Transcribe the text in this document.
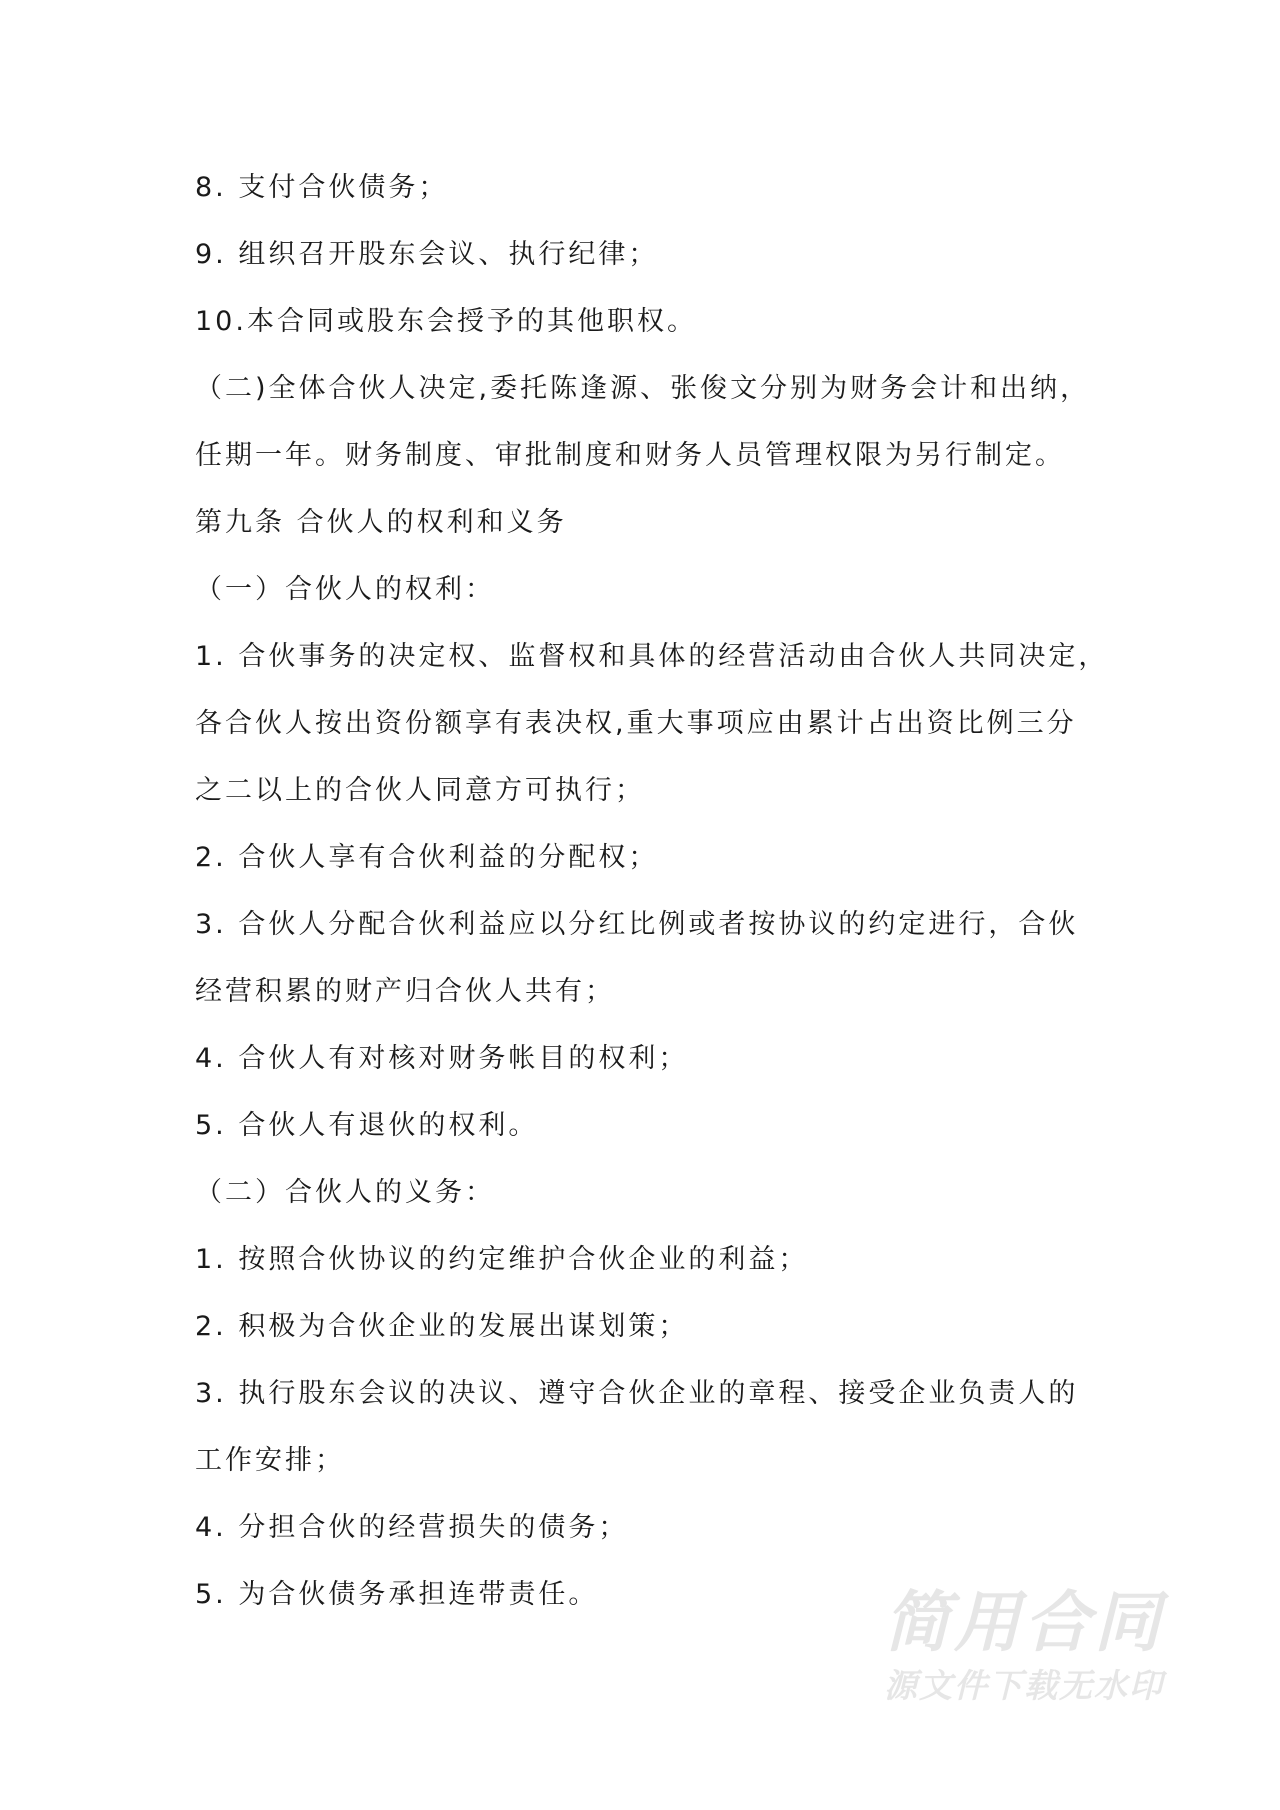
8. 支付合伙债务；
9. 组织召开股东会议、执行纪律；
10.本合同或股东会授予的其他职权。
（二)全体合伙人决定,委托陈逢源、张俊文分别为财务会计和出纳，
任期一年。财务制度、审批制度和财务人员管理权限为另行制定。
第九条 合伙人的权利和义务
（一）合伙人的权利：
1. 合伙事务的决定权、监督权和具体的经营活动由合伙人共同决定，
各合伙人按出资份额享有表决权,重大事项应由累计占出资比例三分
之二以上的合伙人同意方可执行；
2. 合伙人享有合伙利益的分配权；
3. 合伙人分配合伙利益应以分红比例或者按协议的约定进行，合伙
经营积累的财产归合伙人共有；
4. 合伙人有对核对财务帐目的权利；
5. 合伙人有退伙的权利。
（二）合伙人的义务：
1. 按照合伙协议的约定维护合伙企业的利益；
2. 积极为合伙企业的发展出谋划策；
3. 执行股东会议的决议、遵守合伙企业的章程、接受企业负责人的
工作安排；
4. 分担合伙的经营损失的债务；
5. 为合伙债务承担连带责任。	简用合同
源文件下载无水印
